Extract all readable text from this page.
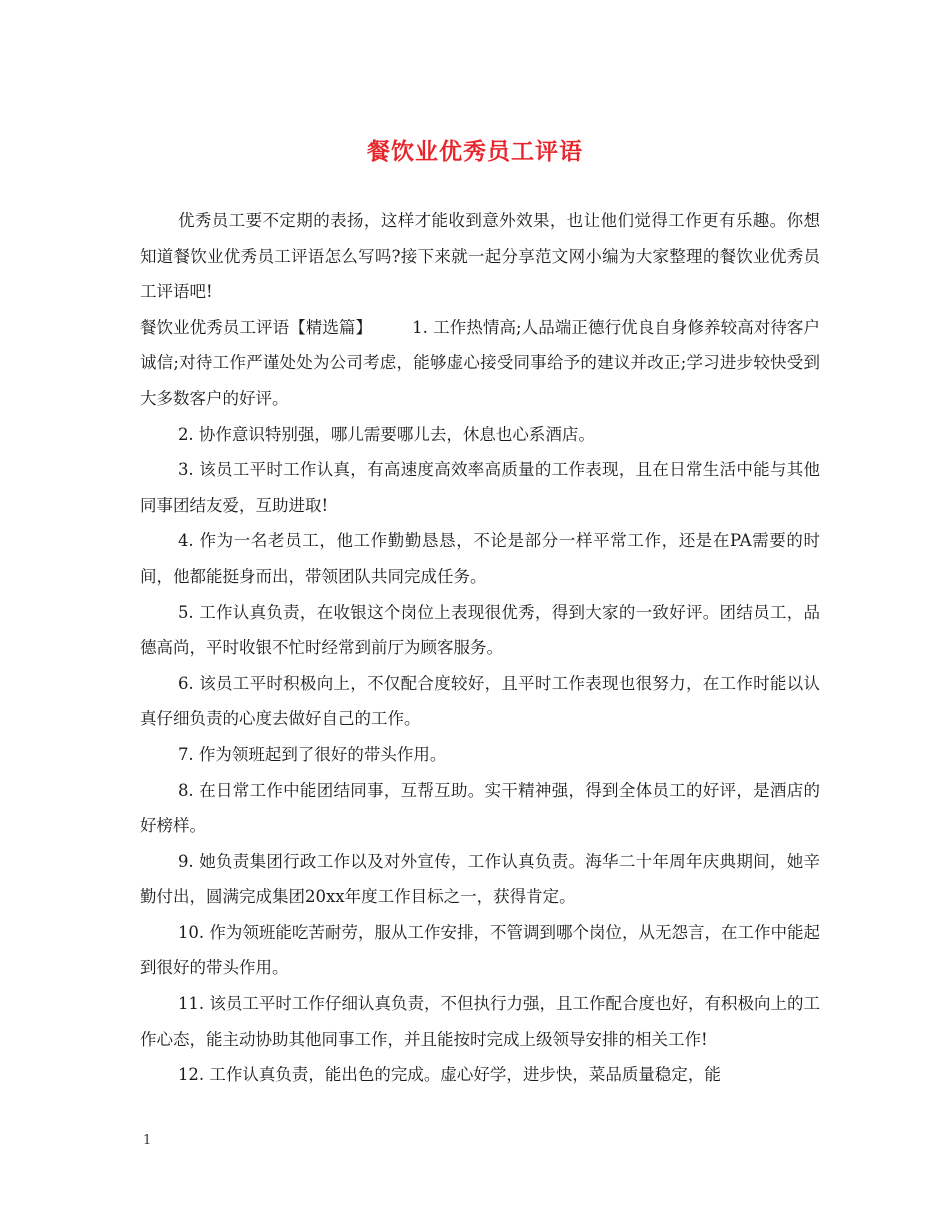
餐饮业优秀员工评语

优秀员工要不定期的表扬，这样才能收到意外效果，也让他们觉得工作更有乐趣。你想知道餐饮业优秀员工评语怎么写吗?接下来就一起分享范文网小编为大家整理的餐饮业优秀员工评语吧!

餐饮业优秀员工评语【精选篇】 1. 工作热情高;人品端正德行优良自身修养较高对待客户诚信;对待工作严谨处处为公司考虑，能够虚心接受同事给予的建议并改正;学习进步较快受到大多数客户的好评。

2. 协作意识特别强，哪儿需要哪儿去，休息也心系酒店。

3. 该员工平时工作认真，有高速度高效率高质量的工作表现，且在日常生活中能与其他同事团结友爱，互助进取!

4. 作为一名老员工，他工作勤勤恳恳，不论是部分一样平常工作，还是在PA需要的时间，他都能挺身而出，带领团队共同完成任务。

5. 工作认真负责，在收银这个岗位上表现很优秀，得到大家的一致好评。团结员工，品德高尚，平时收银不忙时经常到前厅为顾客服务。

6. 该员工平时积极向上，不仅配合度较好，且平时工作表现也很努力，在工作时能以认真仔细负责的心度去做好自己的工作。

7. 作为领班起到了很好的带头作用。

8. 在日常工作中能团结同事，互帮互助。实干精神强，得到全体员工的好评，是酒店的好榜样。

9. 她负责集团行政工作以及对外宣传，工作认真负责。海华二十年周年庆典期间，她辛勤付出，圆满完成集团20xx年度工作目标之一，获得肯定。

10. 作为领班能吃苦耐劳，服从工作安排，不管调到哪个岗位，从无怨言，在工作中能起到很好的带头作用。

11. 该员工平时工作仔细认真负责，不但执行力强，且工作配合度也好，有积极向上的工作心态，能主动协助其他同事工作，并且能按时完成上级领导安排的相关工作!

12. 工作认真负责，能出色的完成。虚心好学，进步快，菜品质量稳定，能

1
